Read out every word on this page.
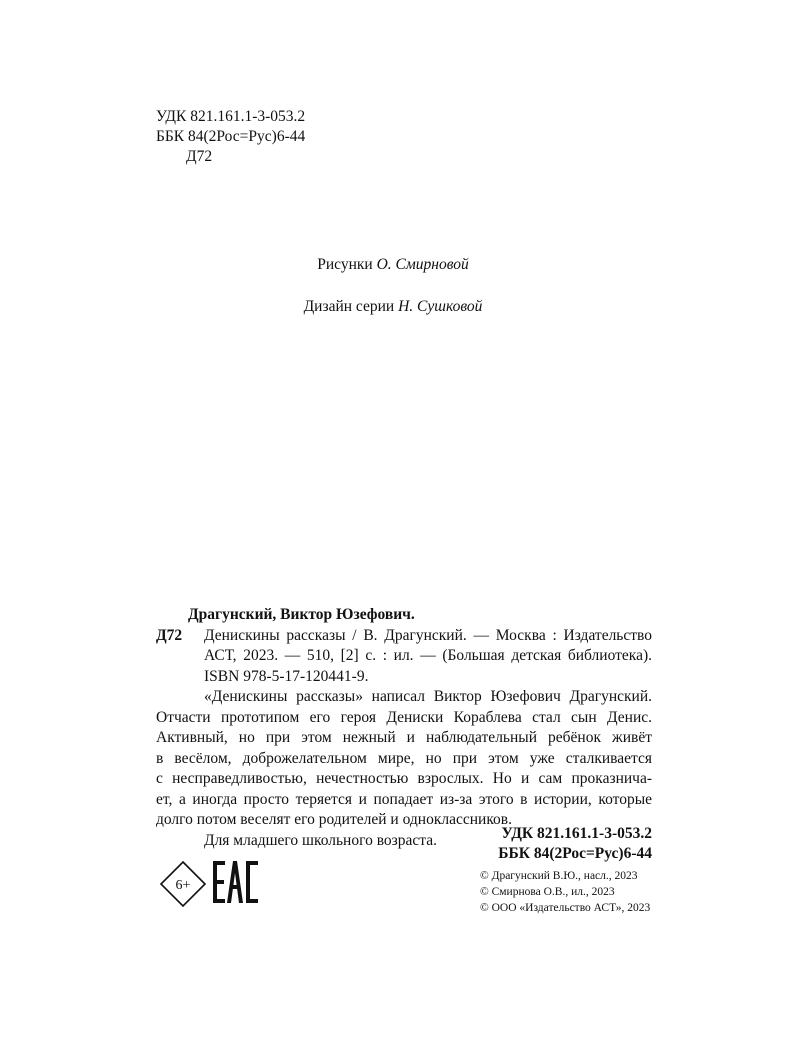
УДК 821.161.1-3-053.2
ББК 84(2Рос=Рус)6-44
Д72
Рисунки О. Смирновой
Дизайн серии Н. Сушковой
Драгунский, Виктор Юзефович.
Д72	Денискины рассказы / В. Драгунский. — Москва : Издательство
АСТ, 2023. — 510, [2] с. : ил. — (Большая детская библиотека).
ISBN 978-5-17-120441-9.
«Денискины рассказы» написал Виктор Юзефович Драгунский.
Отчасти прототипом его героя Дениски Кораблева стал сын Денис.
Активный, но при этом нежный и наблюдательный ребёнок живёт
в весёлом, доброжелательном мире, но при этом уже сталкивается
с несправедливостью, нечестностью взрослых. Но и сам проказнича-
ет, а иногда просто теряется и попадает из-за этого в истории, которые
долго потом веселят его родителей и одноклассников.
Для младшего школьного возраста.	УДК 821.161.1-3-053.2
ББК 84(2Рос=Рус)6-44
6+
© Драгунский В.Ю., насл., 2023
© Смирнова О.В., ил., 2023
© ООО «Издательство АСТ», 2023
